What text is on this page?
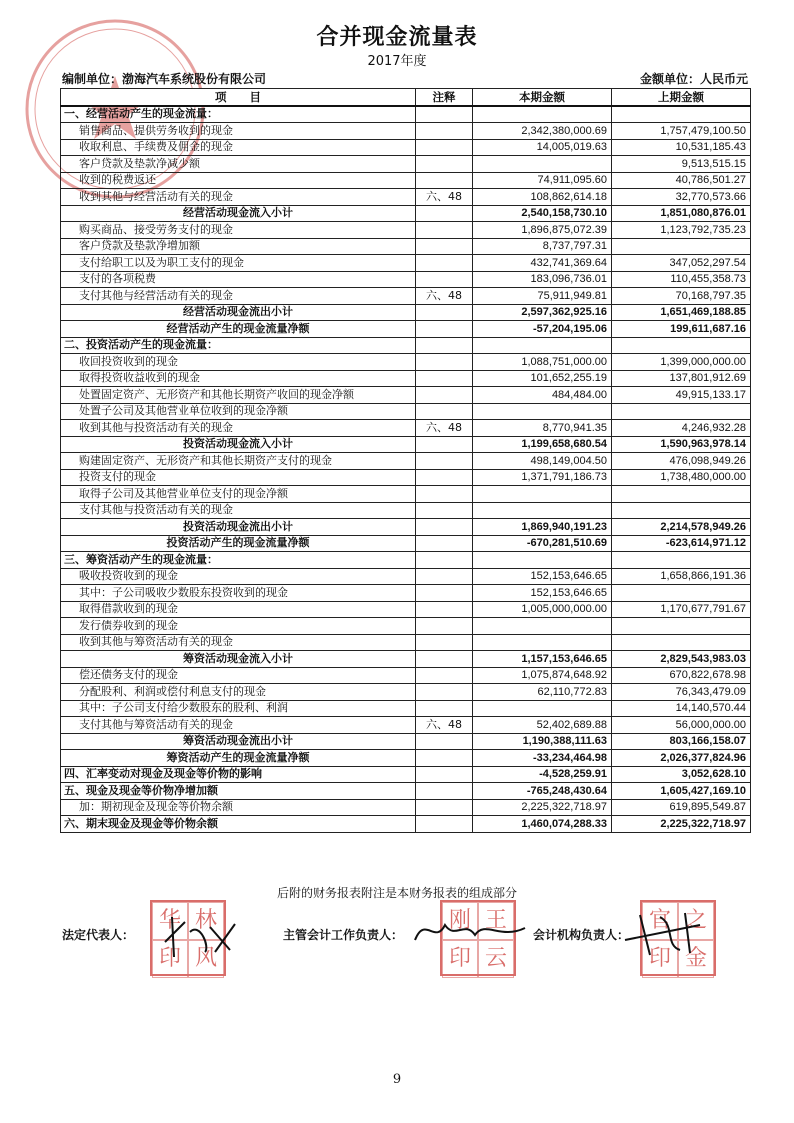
合并现金流量表
2017年度
编制单位：渤海汽车系统股份有限公司	金额单位：人民币元
项　　目	注释	本期金额	上期金额
一、经营活动产生的现金流量：			
销售商品、提供劳务收到的现金		2,342,380,000.69	1,757,479,100.50
收取利息、手续费及佣金的现金		14,005,019.63	10,531,185.43
客户贷款及垫款净减少额			9,513,515.15
收到的税费返还		74,911,095.60	40,786,501.27
收到其他与经营活动有关的现金	六、48	108,862,614.18	32,770,573.66
经营活动现金流入小计		2,540,158,730.10	1,851,080,876.01
购买商品、接受劳务支付的现金		1,896,875,072.39	1,123,792,735.23
客户贷款及垫款净增加额		8,737,797.31	
支付给职工以及为职工支付的现金		432,741,369.64	347,052,297.54
支付的各项税费		183,096,736.01	110,455,358.73
支付其他与经营活动有关的现金	六、48	75,911,949.81	70,168,797.35
经营活动现金流出小计		2,597,362,925.16	1,651,469,188.85
经营活动产生的现金流量净额		-57,204,195.06	199,611,687.16
二、投资活动产生的现金流量：			
收回投资收到的现金		1,088,751,000.00	1,399,000,000.00
取得投资收益收到的现金		101,652,255.19	137,801,912.69
处置固定资产、无形资产和其他长期资产收回的现金净额		484,484.00	49,915,133.17
处置子公司及其他营业单位收到的现金净额			
收到其他与投资活动有关的现金	六、48	8,770,941.35	4,246,932.28
投资活动现金流入小计		1,199,658,680.54	1,590,963,978.14
购建固定资产、无形资产和其他长期资产支付的现金		498,149,004.50	476,098,949.26
投资支付的现金		1,371,791,186.73	1,738,480,000.00
取得子公司及其他营业单位支付的现金净额			
支付其他与投资活动有关的现金			
投资活动现金流出小计		1,869,940,191.23	2,214,578,949.26
投资活动产生的现金流量净额		-670,281,510.69	-623,614,971.12
三、筹资活动产生的现金流量：			
吸收投资收到的现金		152,153,646.65	1,658,866,191.36
其中：子公司吸收少数股东投资收到的现金		152,153,646.65	
取得借款收到的现金		1,005,000,000.00	1,170,677,791.67
发行债券收到的现金			
收到其他与筹资活动有关的现金			
筹资活动现金流入小计		1,157,153,646.65	2,829,543,983.03
偿还债务支付的现金		1,075,874,648.92	670,822,678.98
分配股利、利润或偿付利息支付的现金		62,110,772.83	76,343,479.09
其中：子公司支付给少数股东的股利、利润			14,140,570.44
支付其他与筹资活动有关的现金	六、48	52,402,689.88	56,000,000.00
筹资活动现金流出小计		1,190,388,111.63	803,166,158.07
筹资活动产生的现金流量净额		-33,234,464.98	2,026,377,824.96
四、汇率变动对现金及现金等价物的影响		-4,528,259.91	3,052,628.10
五、现金及现金等价物净增加额		-765,248,430.64	1,605,427,169.10
加：期初现金及现金等价物余额		2,225,322,718.97	619,895,549.87
六、期末现金及现金等价物余额		1,460,074,288.33	2,225,322,718.97
后附的财务报表附注是本财务报表的组成部分
法定代表人：
华 林
印 风
主管会计工作负责人：
刚 王
印 云
会计机构负责人：
官 之
印 金
9
